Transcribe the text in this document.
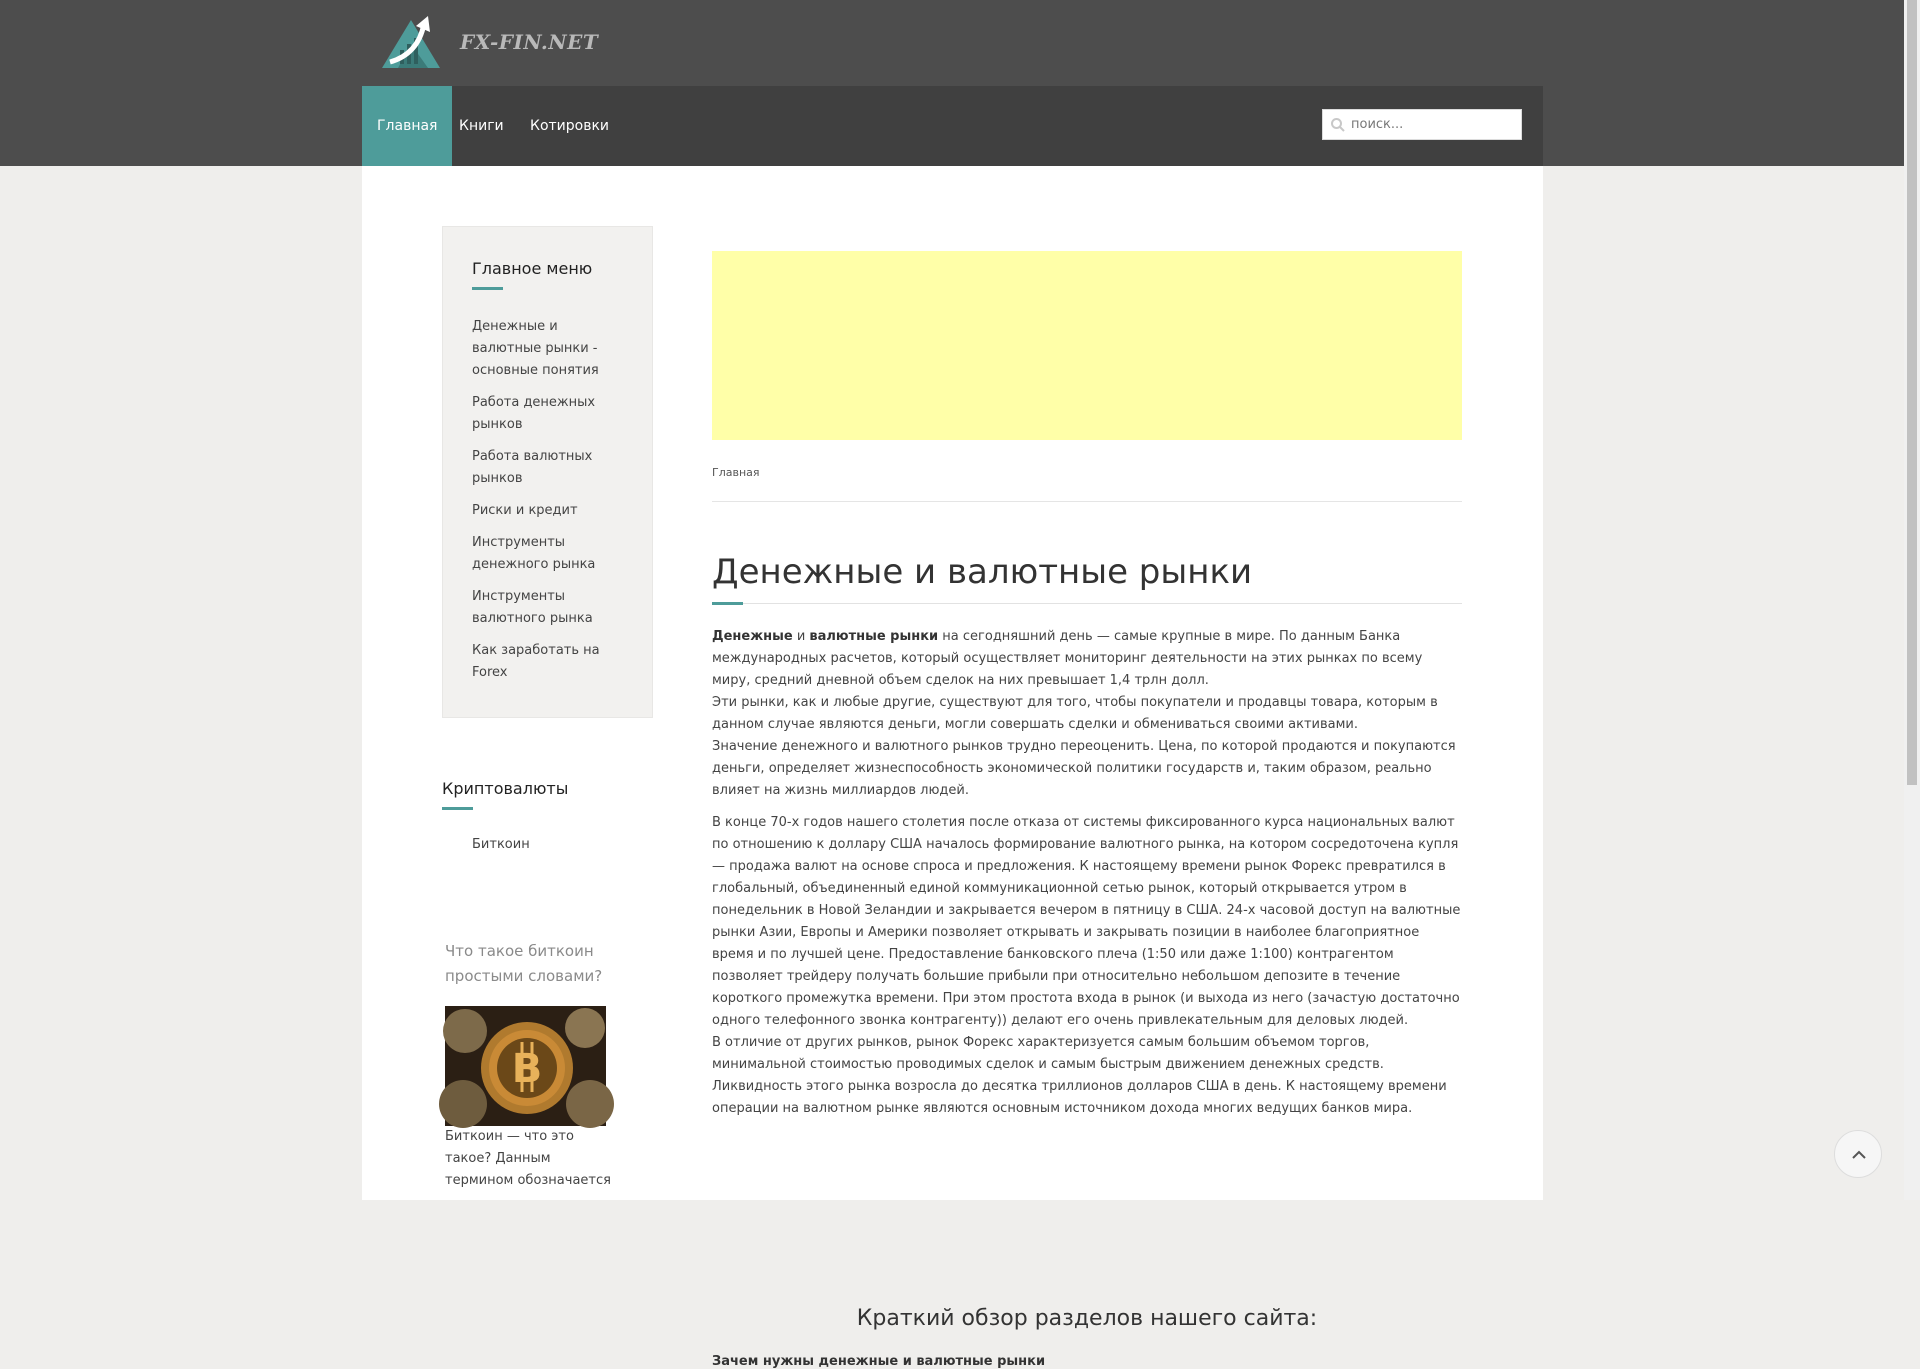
FX-FIN.NET
Главная	Книги	Котировки
поиск...
Главное меню
Денежные и валютные рынки - основные понятия
Работа денежных рынков
Работа валютных рынков
Риски и кредит
Инструменты денежного рынка
Инструменты валютного рынка
Как заработать на Forex
Криптовалюты
Биткоин
Что такое биткоин простыми словами?
B
Биткоин — что это такое? Данным термином обозначается
Главная
Денежные и валютные рынки

Денежные и валютные рынки на сегодняшний день — самые крупные в мире. По данным Банка международных расчетов, который осуществляет мониторинг деятельности на этих рынках по всему миру, средний дневной объем сделок на них превышает 1,4 трлн долл.
Эти рынки, как и любые другие, существуют для того, чтобы покупатели и продавцы товара, которым в данном случае являются деньги, могли совершать сделки и обмениваться своими активами.
Значение денежного и валютного рынков трудно переоценить. Цена, по которой продаются и покупаются деньги, определяет жизнеспособность экономической политики государств и, таким образом, реально влияет на жизнь миллиардов людей.

В конце 70-х годов нашего столетия после отказа от системы фиксированного курса национальных валют по отношению к доллару США началось формирование валютного рынка, на котором сосредоточена купля — продажа валют на основе спроса и предложения. К настоящему времени рынок Форекс превратился в глобальный, объединенный единой коммуникационной сетью рынок, который открывается утром в понедельник в Новой Зеландии и закрывается вечером в пятницу в США. 24-х часовой доступ на валютные рынки Азии, Европы и Америки позволяет открывать и закрывать позиции в наиболее благоприятное время и по лучшей цене. Предоставление банковского плеча (1:50 или даже 1:100) контрагентом позволяет трейдеру получать большие прибыли при относительно небольшом депозите в течение короткого промежутка времени. При этом простота входа в рынок (и выхода из него (зачастую достаточно одного телефонного звонка контрагенту)) делают его очень привлекательным для деловых людей.
В отличие от других рынков, рынок Форекс характеризуется самым большим объемом торгов, минимальной стоимостью проводимых сделок и самым быстрым движением денежных средств. Ликвидность этого рынка возросла до десятка триллионов долларов США в день. К настоящему времени операции на валютном рынке являются основным источником дохода многих ведущих банков мира.

Краткий обзор разделов нашего сайта:
Зачем нужны денежные и валютные рынки
